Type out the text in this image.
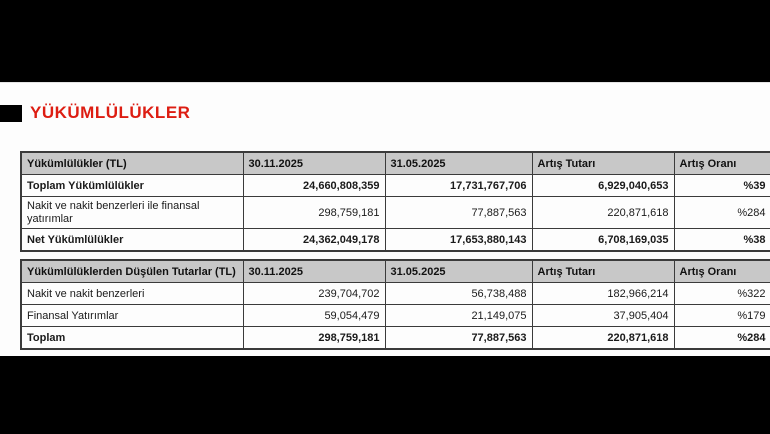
YÜKÜMLÜLÜKLER
Yükümlülükler (TL)	30.11.2025	31.05.2025	Artış Tutarı	Artış Oranı
Toplam Yükümlülükler	24,660,808,359	17,731,767,706	6,929,040,653	%39
Nakit ve nakit benzerleri ile finansal yatırımlar	298,759,181	77,887,563	220,871,618	%284
Net Yükümlülükler	24,362,049,178	17,653,880,143	6,708,169,035	%38
Yükümlülüklerden Düşülen Tutarlar (TL)	30.11.2025	31.05.2025	Artış Tutarı	Artış Oranı
Nakit ve nakit benzerleri	239,704,702	56,738,488	182,966,214	%322
Finansal Yatırımlar	59,054,479	21,149,075	37,905,404	%179
Toplam	298,759,181	77,887,563	220,871,618	%284
